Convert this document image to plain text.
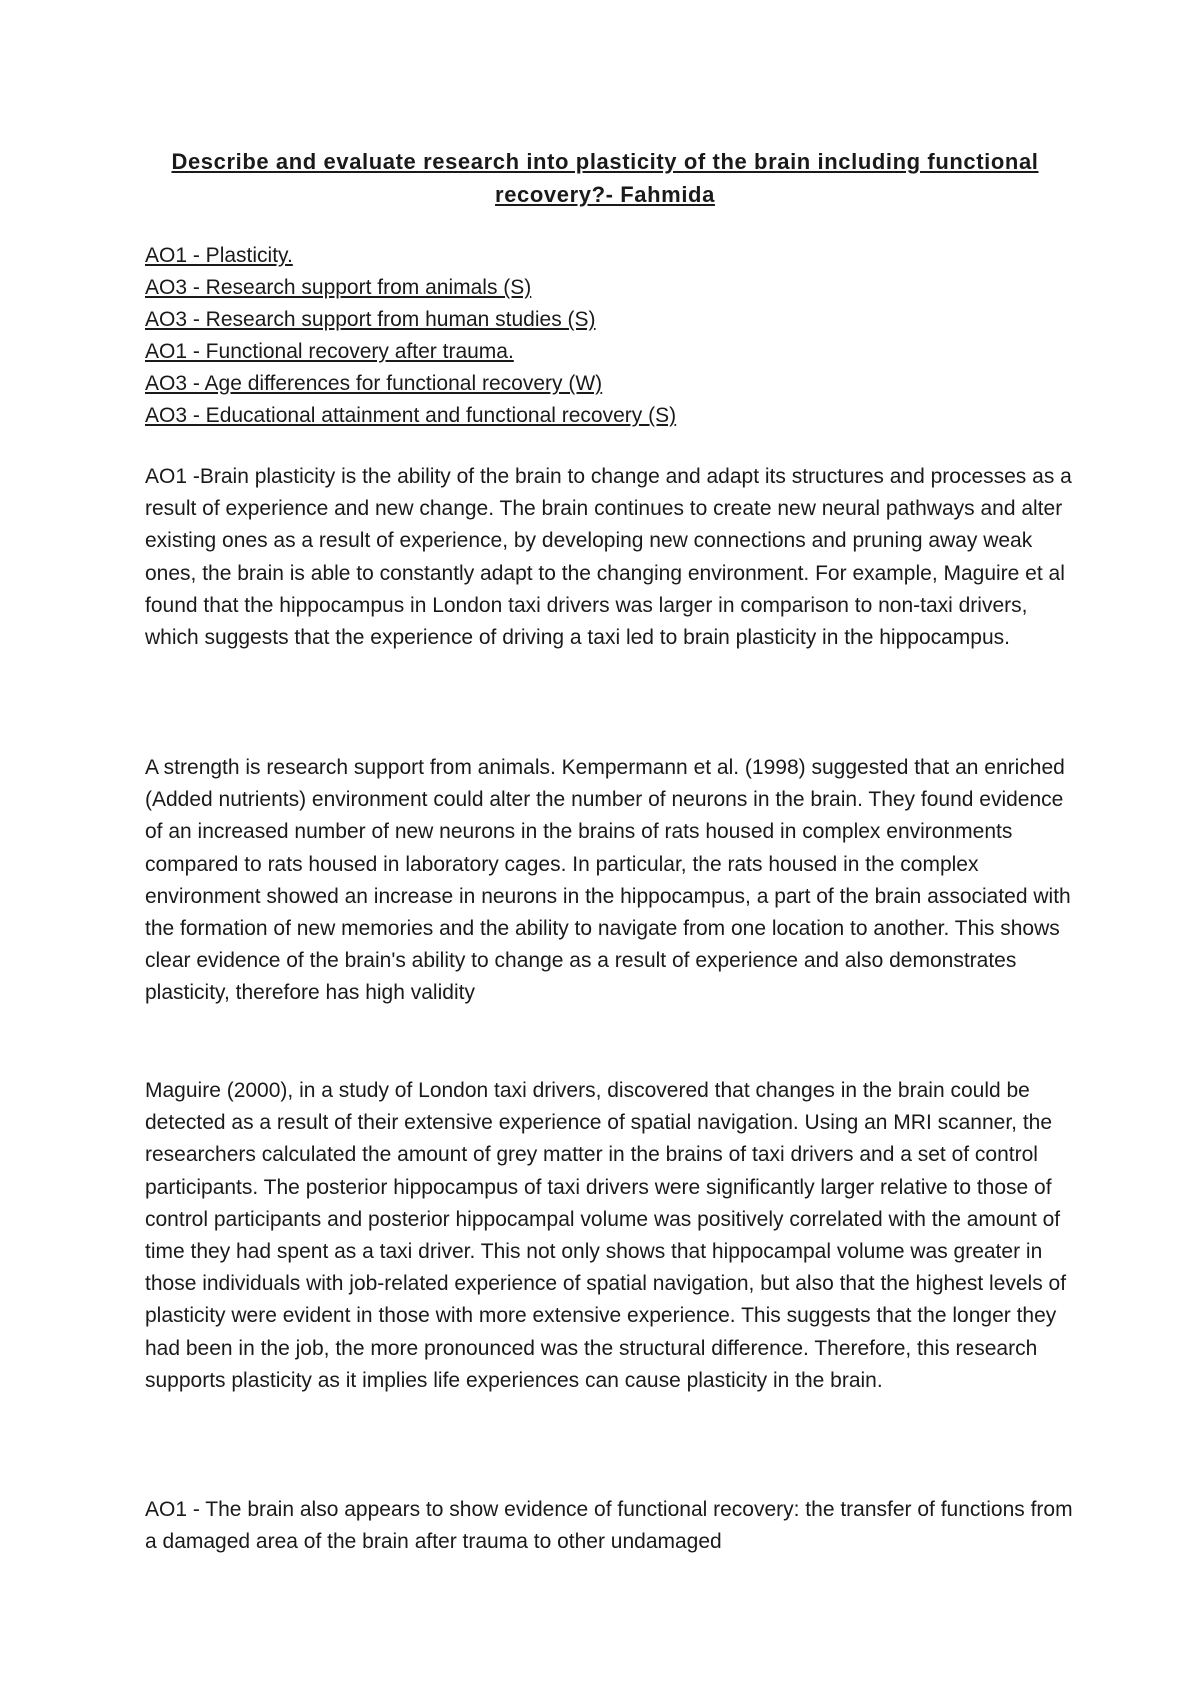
Describe and evaluate research into plasticity of the brain including functional recovery?- Fahmida
AO1 - Plasticity.
AO3 - Research support from animals (S)
AO3 - Research support from human studies (S)
AO1 - Functional recovery after trauma.
AO3 - Age differences for functional recovery (W)
AO3 - Educational attainment and functional recovery (S)

AO1 -Brain plasticity is the ability of the brain to change and adapt its structures and processes as a result of experience and new change. The brain continues to create new neural pathways and alter existing ones as a result of experience, by developing new connections and pruning away weak ones, the brain is able to constantly adapt to the changing environment. For example, Maguire et al found that the hippocampus in London taxi drivers was larger in comparison to non-taxi drivers, which suggests that the experience of driving a taxi led to brain plasticity in the hippocampus.

A strength is research support from animals. Kempermann et al. (1998) suggested that an enriched (Added nutrients) environment could alter the number of neurons in the brain. They found evidence of an increased number of new neurons in the brains of rats housed in complex environments compared to rats housed in laboratory cages. In particular, the rats housed in the complex environment showed an increase in neurons in the hippocampus, a part of the brain associated with the formation of new memories and the ability to navigate from one location to another. This shows clear evidence of the brain's ability to change as a result of experience and also demonstrates plasticity, therefore has high validity

Maguire (2000), in a study of London taxi drivers, discovered that changes in the brain could be detected as a result of their extensive experience of spatial navigation. Using an MRI scanner, the researchers calculated the amount of grey matter in the brains of taxi drivers and a set of control participants. The posterior hippocampus of taxi drivers were significantly larger relative to those of control participants and posterior hippocampal volume was positively correlated with the amount of time they had spent as a taxi driver. This not only shows that hippocampal volume was greater in those individuals with job-related experience of spatial navigation, but also that the highest levels of plasticity were evident in those with more extensive experience. This suggests that the longer they had been in the job, the more pronounced was the structural difference. Therefore, this research supports plasticity as it implies life experiences can cause plasticity in the brain.

AO1 - The brain also appears to show evidence of functional recovery: the transfer of functions from a damaged area of the brain after trauma to other undamaged
